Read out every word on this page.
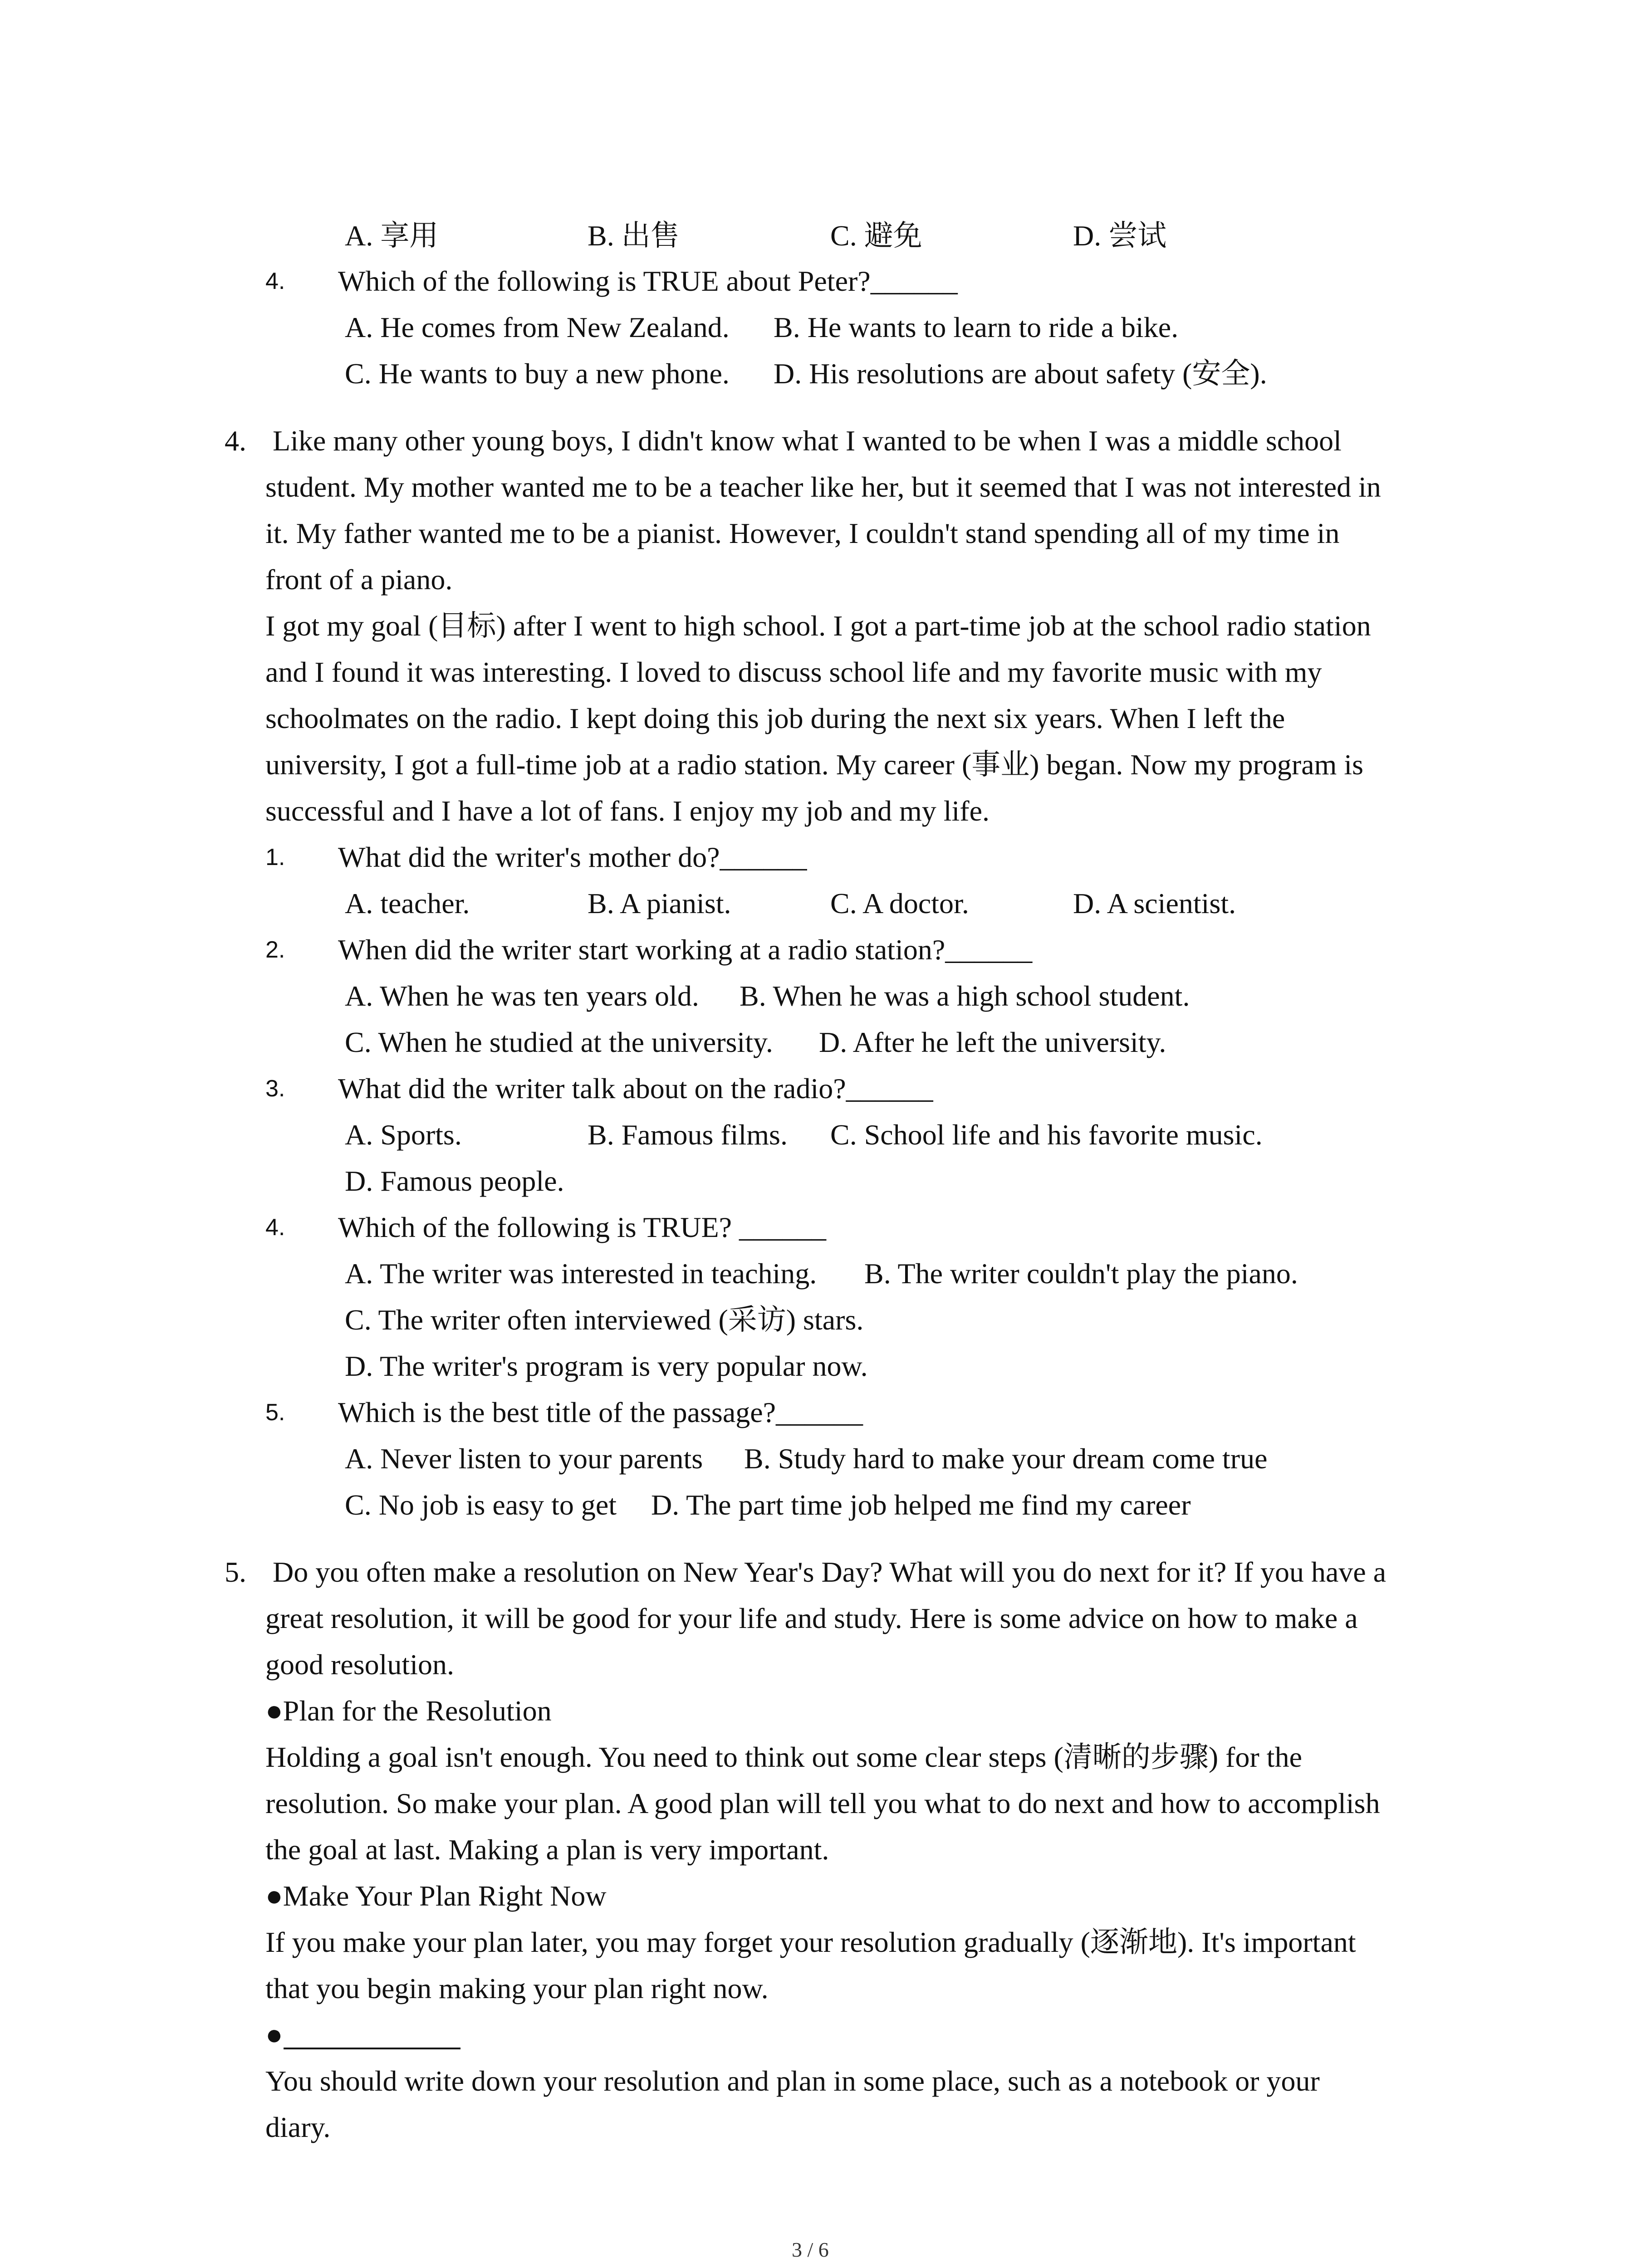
A. 享用	B. 出售	C. 避免	D. 尝试
4. Which of the following is TRUE about Peter?______
A. He comes from New Zealand. B. He wants to learn to ride a bike.
C. He wants to buy a new phone. D. His resolutions are about safety (安全).
4. Like many other young boys, I didn't know what I wanted to be when I was a middle school
student. My mother wanted me to be a teacher like her, but it seemed that I was not interested in
it. My father wanted me to be a pianist. However, I couldn't stand spending all of my time in
front of a piano.
I got my goal (目标) after I went to high school. I got a part-time job at the school radio station
and I found it was interesting. I loved to discuss school life and my favorite music with my
schoolmates on the radio. I kept doing this job during the next six years. When I left the
university, I got a full-time job at a radio station. My career (事业) began. Now my program is
successful and I have a lot of fans. I enjoy my job and my life.
1. What did the writer's mother do?______
A. teacher.	B. A pianist.	C. A doctor.	D. A scientist.
2. When did the writer start working at a radio station?______
A. When he was ten years old. B. When he was a high school student.
C. When he studied at the university. D. After he left the university.
3. What did the writer talk about on the radio?______
A. Sports.	B. Famous films. C. School life and his favorite music.
D. Famous people.
4. Which of the following is TRUE? ______
A. The writer was interested in teaching. B. The writer couldn't play the piano.
C. The writer often interviewed (采访) stars.
D. The writer's program is very popular now.
5. Which is the best title of the passage?______
A. Never listen to your parents B. Study hard to make your dream come true
C. No job is easy to get D. The part time job helped me find my career
5. Do you often make a resolution on New Year's Day? What will you do next for it? If you have a
great resolution, it will be good for your life and study. Here is some advice on how to make a
good resolution.
●Plan for the Resolution
Holding a goal isn't enough. You need to think out some clear steps (清晰的步骤) for the
resolution. So make your plan. A good plan will tell you what to do next and how to accomplish
the goal at last. Making a plan is very important.
●Make Your Plan Right Now
If you make your plan later, you may forget your resolution gradually (逐渐地). It's important
that you begin making your plan right now.
●
You should write down your resolution and plan in some place, such as a notebook or your
diary.
3 / 6
